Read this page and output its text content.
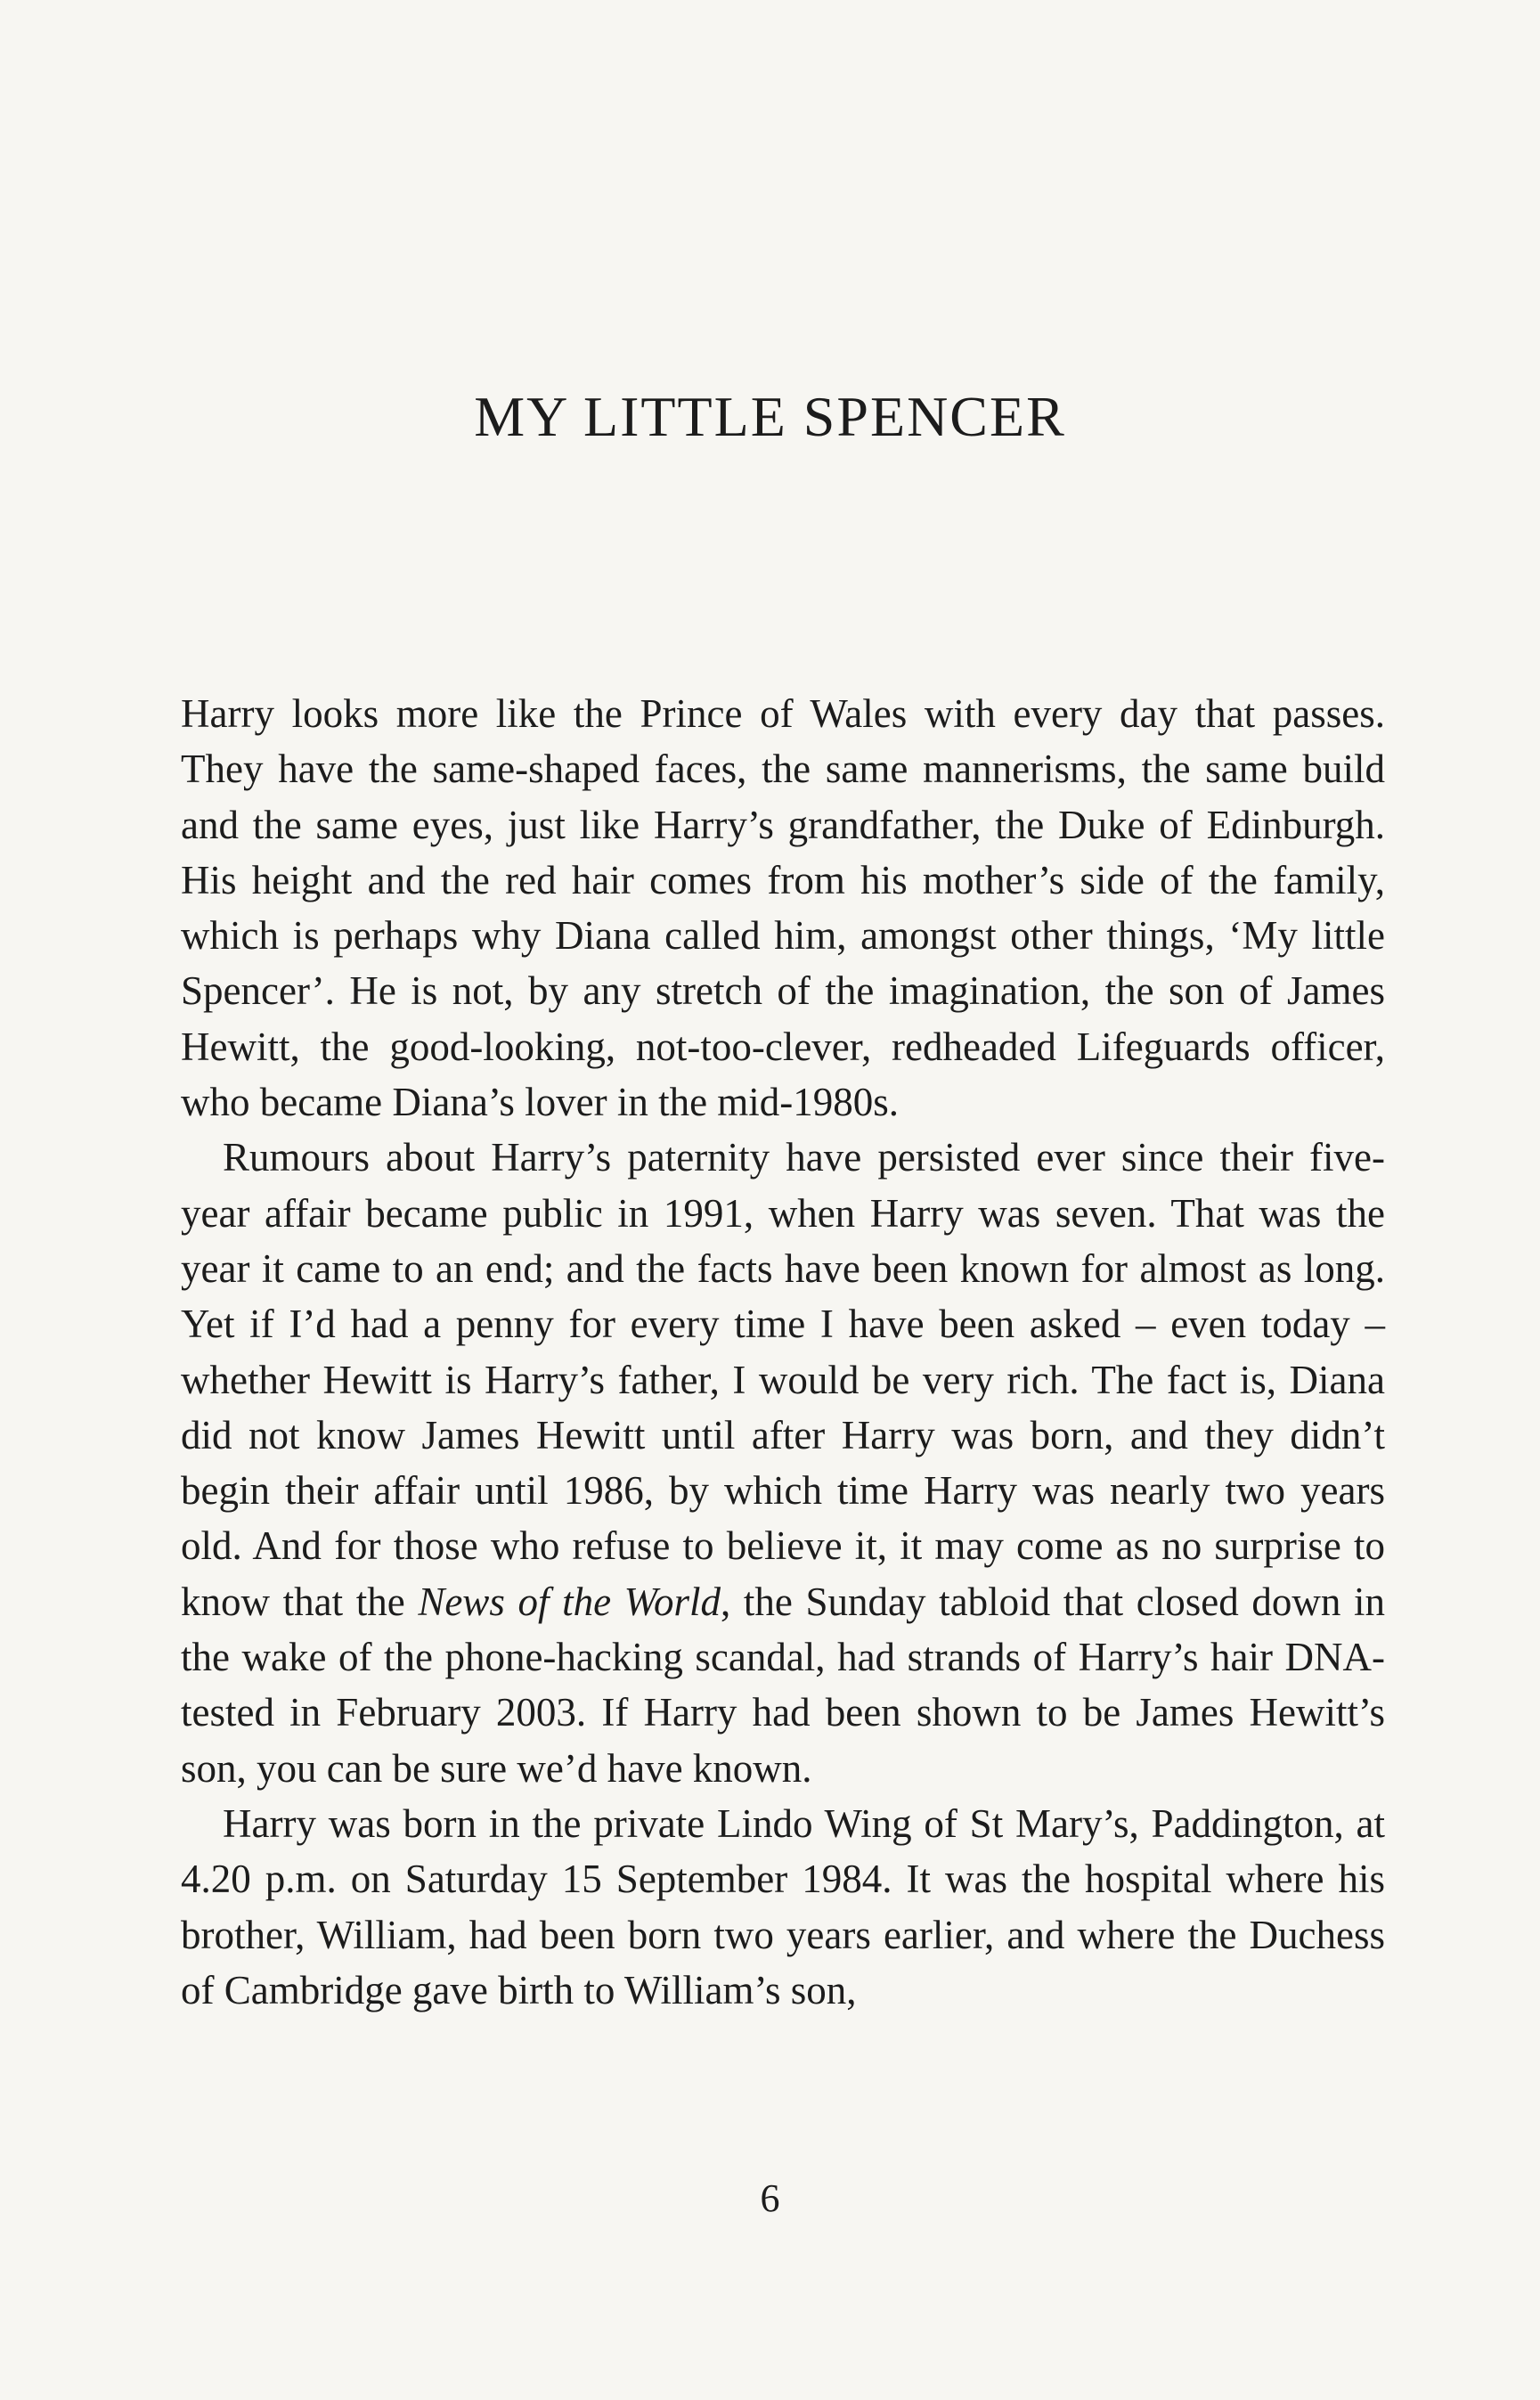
MY LITTLE SPENCER

Harry looks more like the Prince of Wales with every day that passes. They have the same-shaped faces, the same mannerisms, the same build and the same eyes, just like Harry’s grandfather, the Duke of Edinburgh. His height and the red hair comes from his mother’s side of the family, which is perhaps why Diana called him, amongst other things, ‘My little Spencer’. He is not, by any stretch of the imagination, the son of James Hewitt, the good-looking, not-too-clever, redheaded Lifeguards officer, who became Diana’s lover in the mid-1980s.

Rumours about Harry’s paternity have persisted ever since their five-year affair became public in 1991, when Harry was seven. That was the year it came to an end; and the facts have been known for almost as long. Yet if I’d had a penny for every time I have been asked – even today – whether Hewitt is Harry’s father, I would be very rich. The fact is, Diana did not know James Hewitt until after Harry was born, and they didn’t begin their affair until 1986, by which time Harry was nearly two years old. And for those who refuse to believe it, it may come as no surprise to know that the News of the World, the Sunday tabloid that closed down in the wake of the phone-hacking scandal, had strands of Harry’s hair DNA-tested in February 2003. If Harry had been shown to be James Hewitt’s son, you can be sure we’d have known.

Harry was born in the private Lindo Wing of St Mary’s, Paddington, at 4.20 p.m. on Saturday 15 September 1984. It was the hospital where his brother, William, had been born two years earlier, and where the Duchess of Cambridge gave birth to William’s son,

6
